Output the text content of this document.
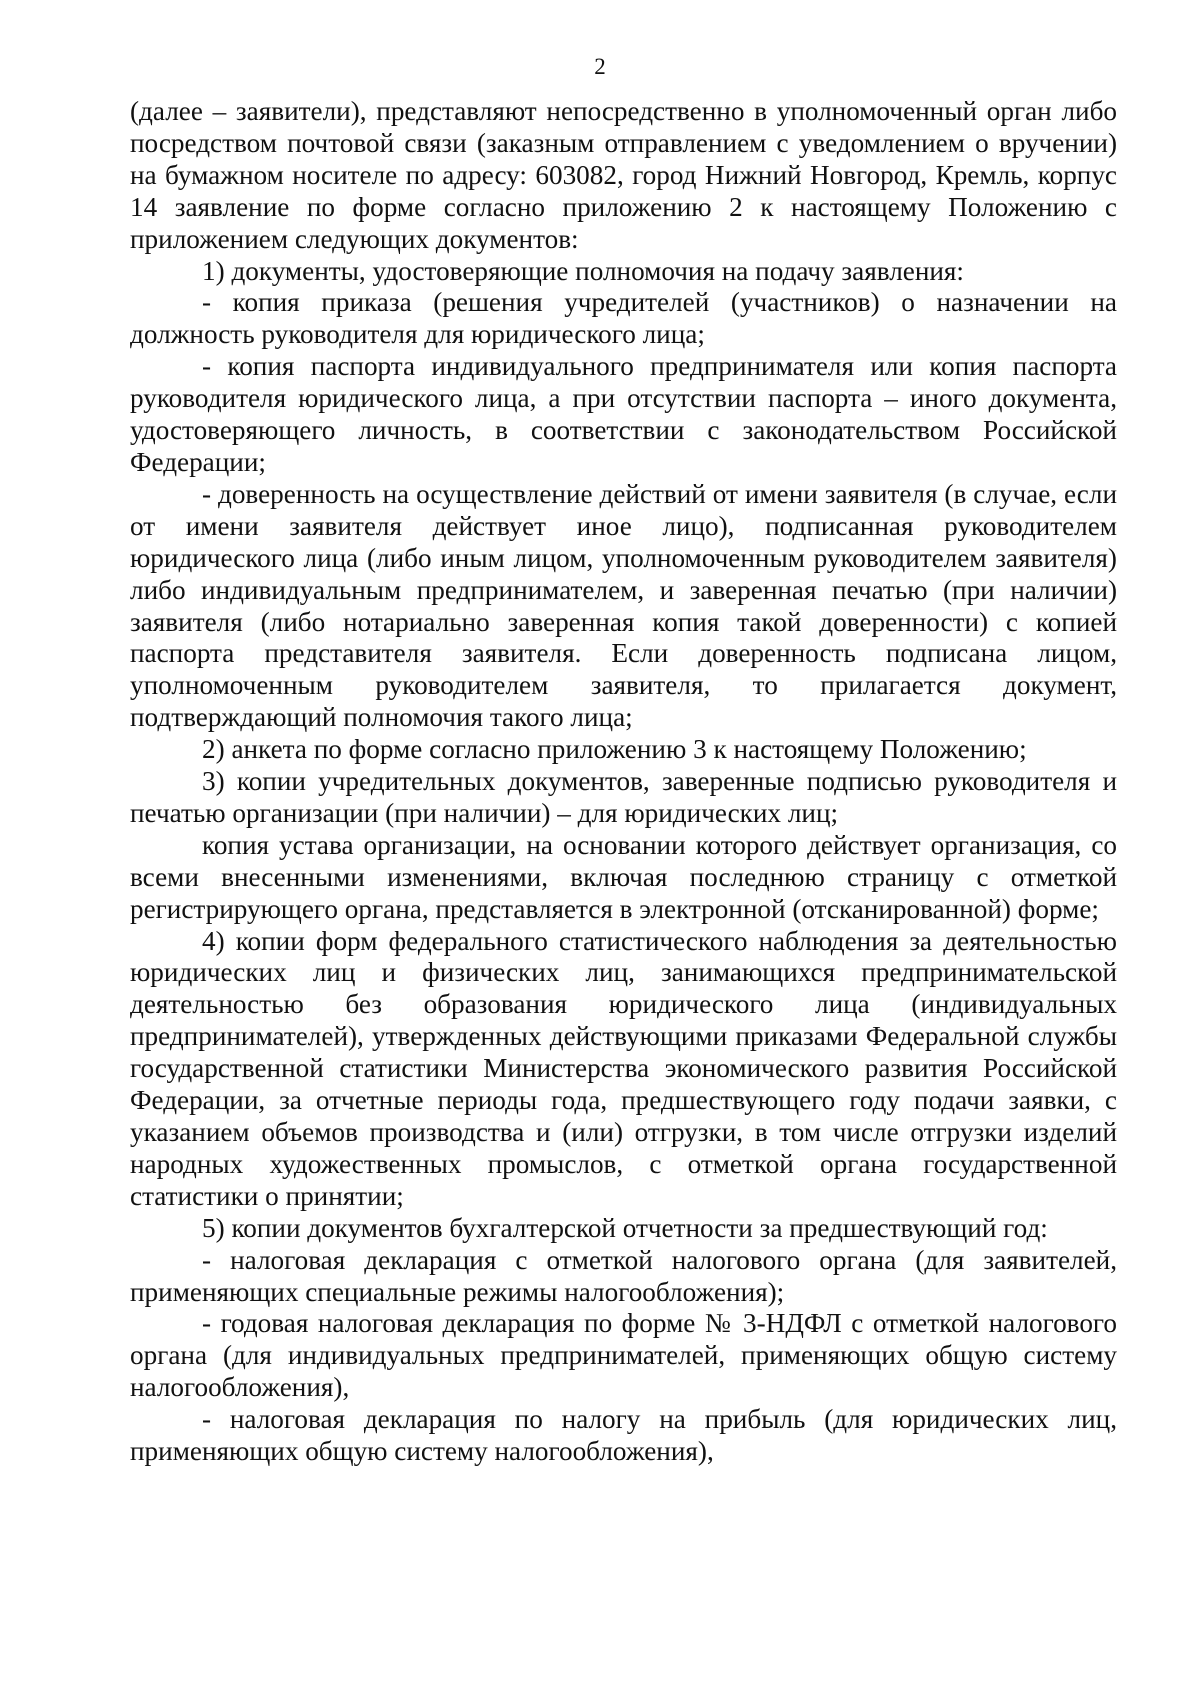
2

(далее – заявители), представляют непосредственно в уполномоченный орган либо посредством почтовой связи (заказным отправлением с уведомлением о вручении) на бумажном носителе по адресу: 603082, город Нижний Новгород, Кремль, корпус 14 заявление по форме согласно приложению 2 к настоящему Положению с приложением следующих документов:

1) документы, удостоверяющие полномочия на подачу заявления:

- копия приказа (решения учредителей (участников) о назначении на должность руководителя для юридического лица;

- копия паспорта индивидуального предпринимателя или копия паспорта руководителя юридического лица, а при отсутствии паспорта – иного документа, удостоверяющего личность, в соответствии с законодательством Российской Федерации;

- доверенность на осуществление действий от имени заявителя (в случае, если от имени заявителя действует иное лицо), подписанная руководителем юридического лица (либо иным лицом, уполномоченным руководителем заявителя) либо индивидуальным предпринимателем, и заверенная печатью (при наличии) заявителя (либо нотариально заверенная копия такой доверенности) с копией паспорта представителя заявителя. Если доверенность подписана лицом, уполномоченным руководителем заявителя, то прилагается документ, подтверждающий полномочия такого лица;

2) анкета по форме согласно приложению 3 к настоящему Положению;

3) копии учредительных документов, заверенные подписью руководителя и печатью организации (при наличии) – для юридических лиц;

копия устава организации, на основании которого действует организация, со всеми внесенными изменениями, включая последнюю страницу с отметкой регистрирующего органа, представляется в электронной (отсканированной) форме;

4) копии форм федерального статистического наблюдения за деятельностью юридических лиц и физических лиц, занимающихся предпринимательской деятельностью без образования юридического лица (индивидуальных предпринимателей), утвержденных действующими приказами Федеральной службы государственной статистики Министерства экономического развития Российской Федерации, за отчетные периоды года, предшествующего году подачи заявки, с указанием объемов производства и (или) отгрузки, в том числе отгрузки изделий народных художественных промыслов, с отметкой органа государственной статистики о принятии;

5) копии документов бухгалтерской отчетности за предшествующий год:

- налоговая декларация с отметкой налогового органа (для заявителей, применяющих специальные режимы налогообложения);

- годовая налоговая декларация по форме № 3-НДФЛ с отметкой налогового органа (для индивидуальных предпринимателей, применяющих общую систему налогообложения),

- налоговая декларация по налогу на прибыль (для юридических лиц, применяющих общую систему налогообложения),
